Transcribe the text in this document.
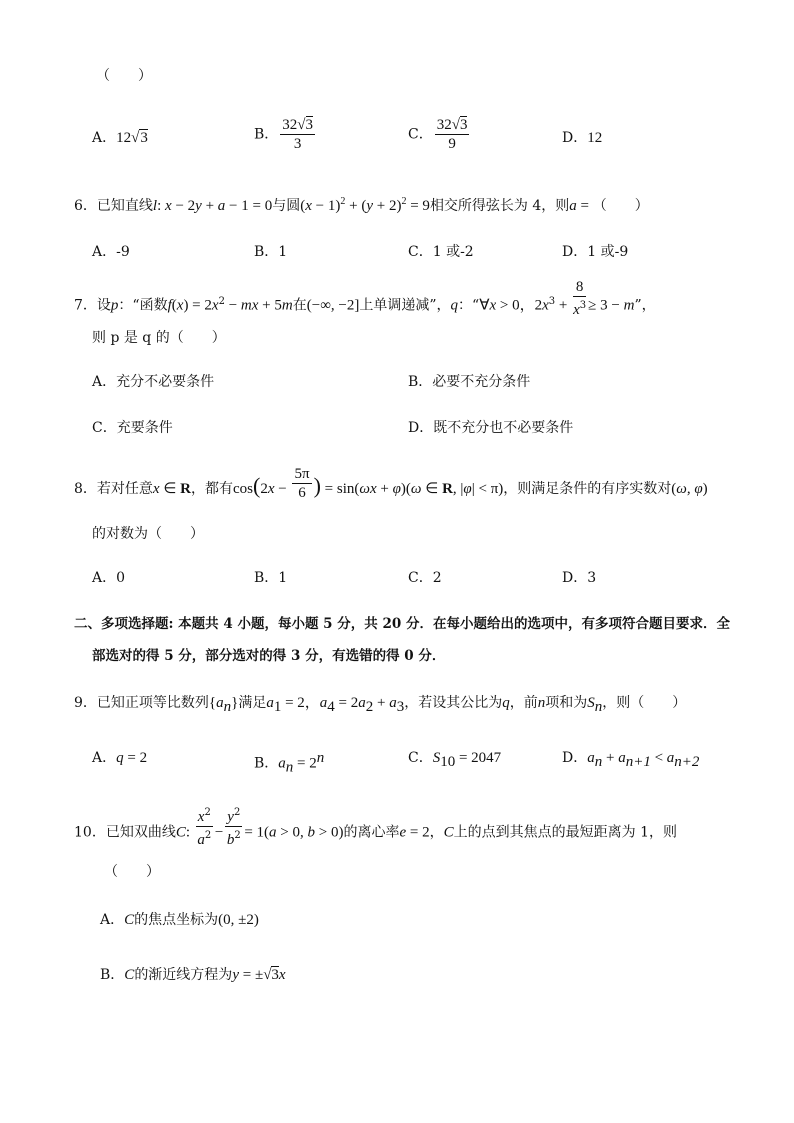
（　　）
A．12√3	B． $\frac{32√3}{3}$	C． $\frac{32√3}{9}$	D．12
6．已知直线l: x − 2y + a − 1 = 0与圆$(x - 1)^2 + (y + 2)^2 = 9$相交所得弦长为 4，则a = （　　）
A．-9	B．1	C．1 或-2	D．1 或-9
7．设p：“函数$f(x) = 2x^2$ − mx + 5m在(−∞, −2]上单调递减”，q：“∀x > 0，$2x^3 + \frac{8}{x^3} \ge 3 - m$”，
则 p 是 q 的（　　）
A．充分不必要条件	B．必要不充分条件
C．充要条件	D．既不充分也不必要条件
8．若对任意x ∈ R，都有$\cos(2x - \frac{5\pi}{6}$ ) = sin(ωx + φ)(ω ∈ R, |φ| < π)，则满足条件的有序实数对(ω, φ)
的对数为（　　）
A．0	B．1	C．2	D．3
二、多项选择题: 本题共 4 小题，每小题 5 分，共 20 分．在每小题给出的选项中，有多项符合题目要求．全
部选对的得 5 分，部分选对的得 3 分，有选错的得 0 分．
9．已知正项等比数列$\{a_n\}$满足$a_1 = 2$，$a_4 = 2a_2 + a_3$，若设其公比为q，前n项和为$S_n$，则（　　）
A．q = 2	B．$a_n = 2^n$	C．$S_{10} = 2047$	D．$a_n + a_{n+1} < a_{n+2}$
10．已知双曲线C: $\frac{x^2}{a^2} - \frac{y^2}{b^2} = 1(a > 0$, b > 0)的离心率e = 2，C上的点到其焦点的最短距离为 1，则
（　　）
A．C的焦点坐标为(0, ±2)
B．C的渐近线方程为y = ±√3x
